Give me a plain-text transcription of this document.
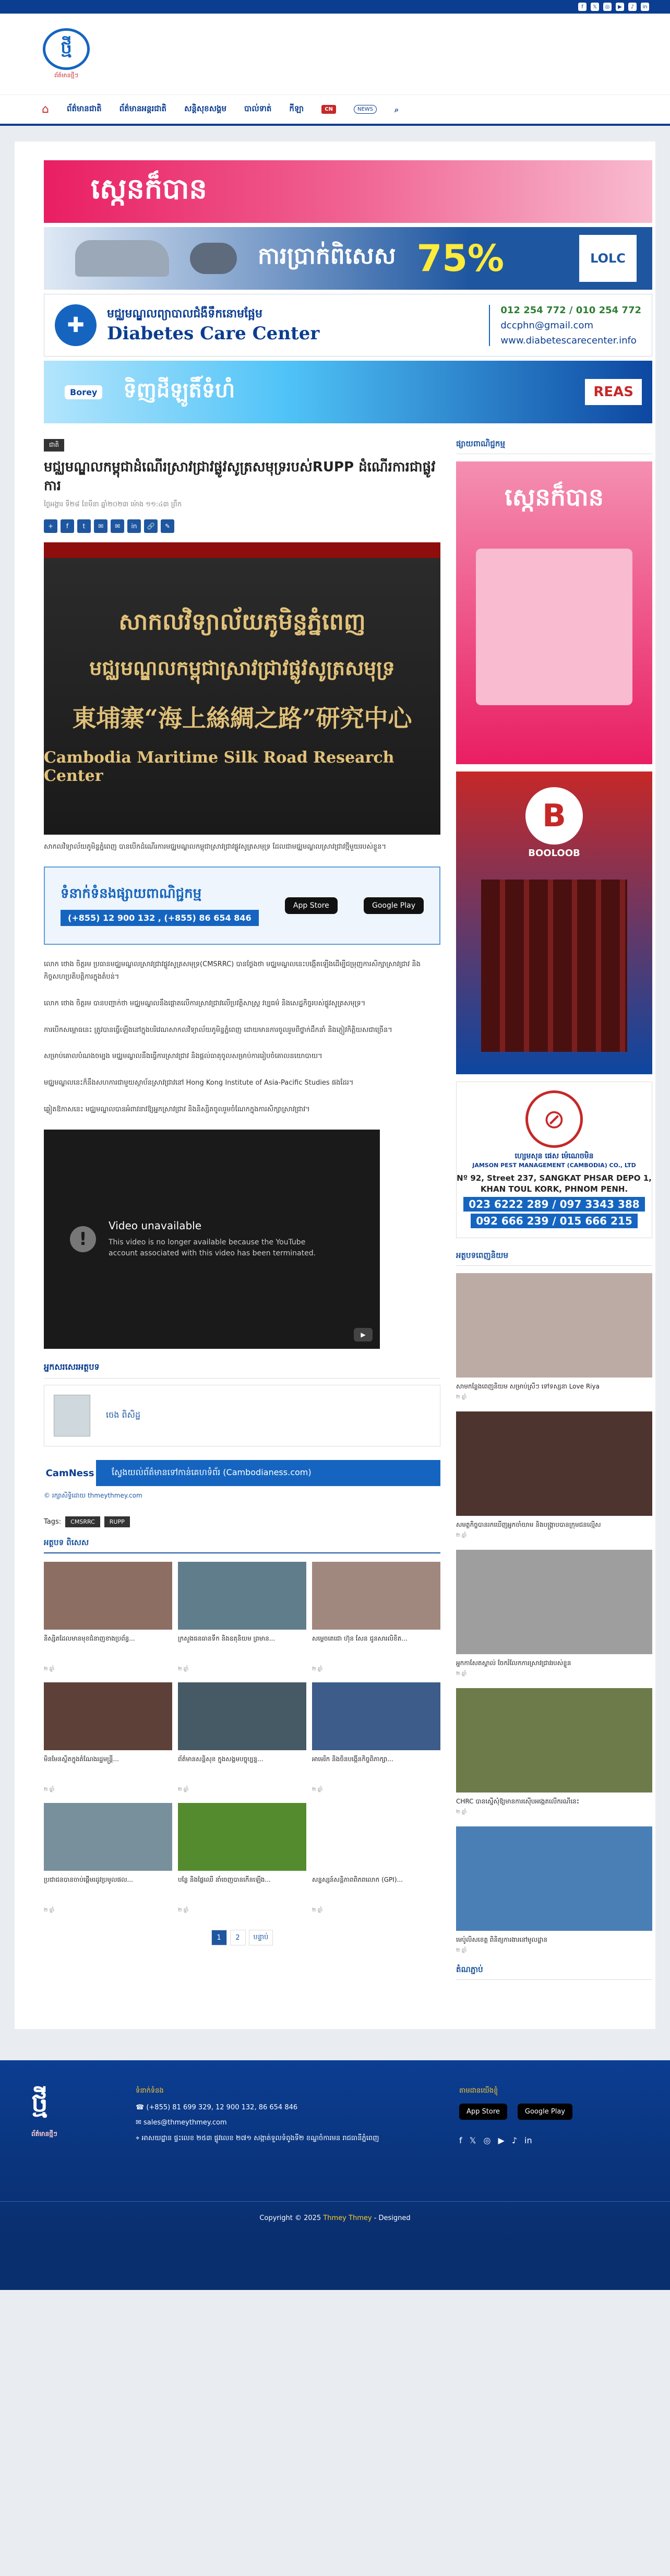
f	𝕏	◎	▶	♪	in
ថ្មី
ព័ត៌មានថ្មីៗ
⌂ ព័ត៌មានជាតិ ព័ត៌មានអន្តរជាតិ សន្តិសុខសង្គម បាល់ទាត់ កីឡា	CN	NEWS	⌕
ស្កេនក៏បាន
ការប្រាក់ពិសេស 75%	LOLC
✚	មជ្ឈមណ្ឌលព្យាបាលជំងឺទឹកនោមផ្អែម
Diabetes Care Center
012 254 772 / 010 254 772
dccphn@gmail.com
www.diabetescarecenter.info
Borey ទិញដីឡូតិ៍ទំហំ	REAS
ជាតិ
មជ្ឈមណ្ឌលកម្ពុជាដំណើរស្រាវជ្រាវផ្លូវសូត្រសមុទ្ររបស់RUPP ដំណើរការជាផ្លូវការ
ថ្ងៃអង្គារ ទី២៨ ខែមីនា ឆ្នាំ២០២៣ ម៉ោង ១១:៤៣ ព្រឹក
+	f	t	✉	✉	in	🔗	✎
សាកលវិទ្យាល័យភូមិន្ទភ្នំពេញ
មជ្ឈមណ្ឌលកម្ពុជាស្រាវជ្រាវផ្លូវសូត្រសមុទ្រ
東埔寨“海上絲綢之路”研究中心
Cambodia Maritime Silk Road Research Center
សាកលវិទ្យាល័យភូមិន្ទភ្នំពេញ បានបើកដំណើរការមជ្ឈមណ្ឌលកម្ពុជាស្រាវជ្រាវផ្លូវសូត្រសមុទ្រ ដែលជាមជ្ឈមណ្ឌលស្រាវជ្រាវថ្មីមួយរបស់ខ្លួន។
ទំនាក់ទំនងផ្សាយពាណិជ្ជកម្ម
(+855) 12 900 132 , (+855) 86 654 846
App Store	Google Play

លោក ថោង ចិត្តរម ប្រធានមជ្ឈមណ្ឌលស្រាវជ្រាវផ្លូវសូត្រសមុទ្រ(CMSRRC) បានថ្លែងថា មជ្ឈមណ្ឌលនេះបង្កើតឡើងដើម្បីជម្រុញការសិក្សាស្រាវជ្រាវ និងកិច្ចសហប្រតិបត្តិការក្នុងតំបន់។

លោក ថោង ចិត្តរម បានបញ្ជាក់ថា មជ្ឈមណ្ឌលនឹងផ្តោតលើការស្រាវជ្រាវលើប្រវត្តិសាស្ត្រ វប្បធម៌ និងសេដ្ឋកិច្ចរបស់ផ្លូវសូត្រសមុទ្រ។

ការបើកសម្ពោធនេះ ត្រូវបានធ្វើឡើងនៅក្នុងបរិវេណសាកលវិទ្យាល័យភូមិន្ទភ្នំពេញ ដោយមានការចូលរួមពីថ្នាក់ដឹកនាំ និងភ្ញៀវកិត្តិយសជាច្រើន។

សម្រាប់គោលបំណងចម្បង មជ្ឈមណ្ឌលនឹងធ្វើការស្រាវជ្រាវ និងផ្តល់ធាតុចូលសម្រាប់ការរៀបចំគោលនយោបាយ។

មជ្ឈមណ្ឌលនេះក៏នឹងសហការជាមួយស្ថាប័នស្រាវជ្រាវនៅ Hong Kong Institute of Asia-Pacific Studies ផងដែរ។

ឆ្លៀតឱកាសនេះ មជ្ឈមណ្ឌលបានអំពាវនាវឱ្យអ្នកស្រាវជ្រាវ និងនិស្សិតចូលរួមចំណែកក្នុងការសិក្សាស្រាវជ្រាវ។

!
Video unavailable
This video is no longer available because the YouTube account associated with this video has been terminated.
▶
អ្នកសរសេរអត្ថបទ
ចេង ពិសិដ្ឋ
CamNess	ស្វែងយល់ព័ត៌មានទៅកាន់គេហទំព័រ (Cambodianess.com)
© រក្សាសិទ្ធិដោយ thmeythmey.com
Tags:	CMSRRC	RUPP
អត្ថបទ ពិសេស
និស្សិតដែលមានមុខជំនាញខាងប្រព័ន្ធ...
២ ឆ្នាំ
ក្រសួងធនធានទឹក និងឧតុនិយម ព្រមាន...
២ ឆ្នាំ
សម្តេចតេជោ ហ៊ុន សែន ជូនសារលិខិត...
២ ឆ្នាំ
មិនមែនស្ថិតក្នុងតំណែងរដ្ឋមន្ត្រី...
២ ឆ្នាំ
ព័ត៌មានសន្តិសុខ ក្នុងសង្គមបច្ចុប្បន្ន...
២ ឆ្នាំ
អាមេរិក និងចិនបង្កើនកិច្ចពិភាក្សា...
២ ឆ្នាំ
ប្រជាជនបានចាប់ផ្តើមរដូវប្រមូលផល...
២ ឆ្នាំ
បន្លែ និងផ្លែឈើ នាំចេញបានកើនឡើង...
២ ឆ្នាំ
សន្ទស្សន៍សន្តិភាពពិភពលោក (GPI)...
២ ឆ្នាំ
1	2	បន្ទាប់
ផ្សាយពាណិជ្ជកម្ម
ស្កេនក៏បាន
B
BOOLOOB
⊘
ហ្សេមសុន ផេស ម៉េណេចមិន
JAMSON PEST MANAGEMENT (CAMBODIA) CO., LTD
Nº 92, Street 237, SANGKAT PHSAR DEPO 1, KHAN TOUL KORK, PHNOM PENH.
023 6222 289 / 097 3343 388
092 666 239 / 015 666 215
អត្ថបទពេញនិយម
សាមកន្លែងពេញនិយម សម្រាប់ស្រីៗ ទៅទស្សនា Love Riya
២ ឆ្នាំ
សមត្ថកិច្ចបានរកឃើញអ្នកចាំយាម និងបង្ក្រាបបានក្រុមជនល្មើស
២ ឆ្នាំ
អ្នកកាសែតស្គាល់ ចែករំលែកការស្រាវជ្រាវរបស់ខ្លួន
២ ឆ្នាំ
CHRC បានស្នើសុំឱ្យមានការស៊ើបអង្កេតលើករណីនេះ
២ ឆ្នាំ
មេប៉ូលិសខេត្ត ពិនិត្យការងារនៅមូលដ្ឋាន
២ ឆ្នាំ
តំណភ្ជាប់
ថ្មី
ព័ត៌មានថ្មីៗ
ទំនាក់ទំនង
☎ (+855) 81 699 329, 12 900 132, 86 654 846
✉ sales@thmeythmey.com
⌖ អាសយដ្ឋាន ផ្ទះលេខ ២៥៣ ផ្លូវលេខ ២៧១ សង្កាត់ទួលទំពូងទី២ ខណ្ឌចំការមន រាជធានីភ្នំពេញ
តាមដានយើងខ្ញុំ
App Store	Google Play
f 𝕏 ◎ ▶ ♪ in
Copyright © 2025 Thmey Thmey - Designed
